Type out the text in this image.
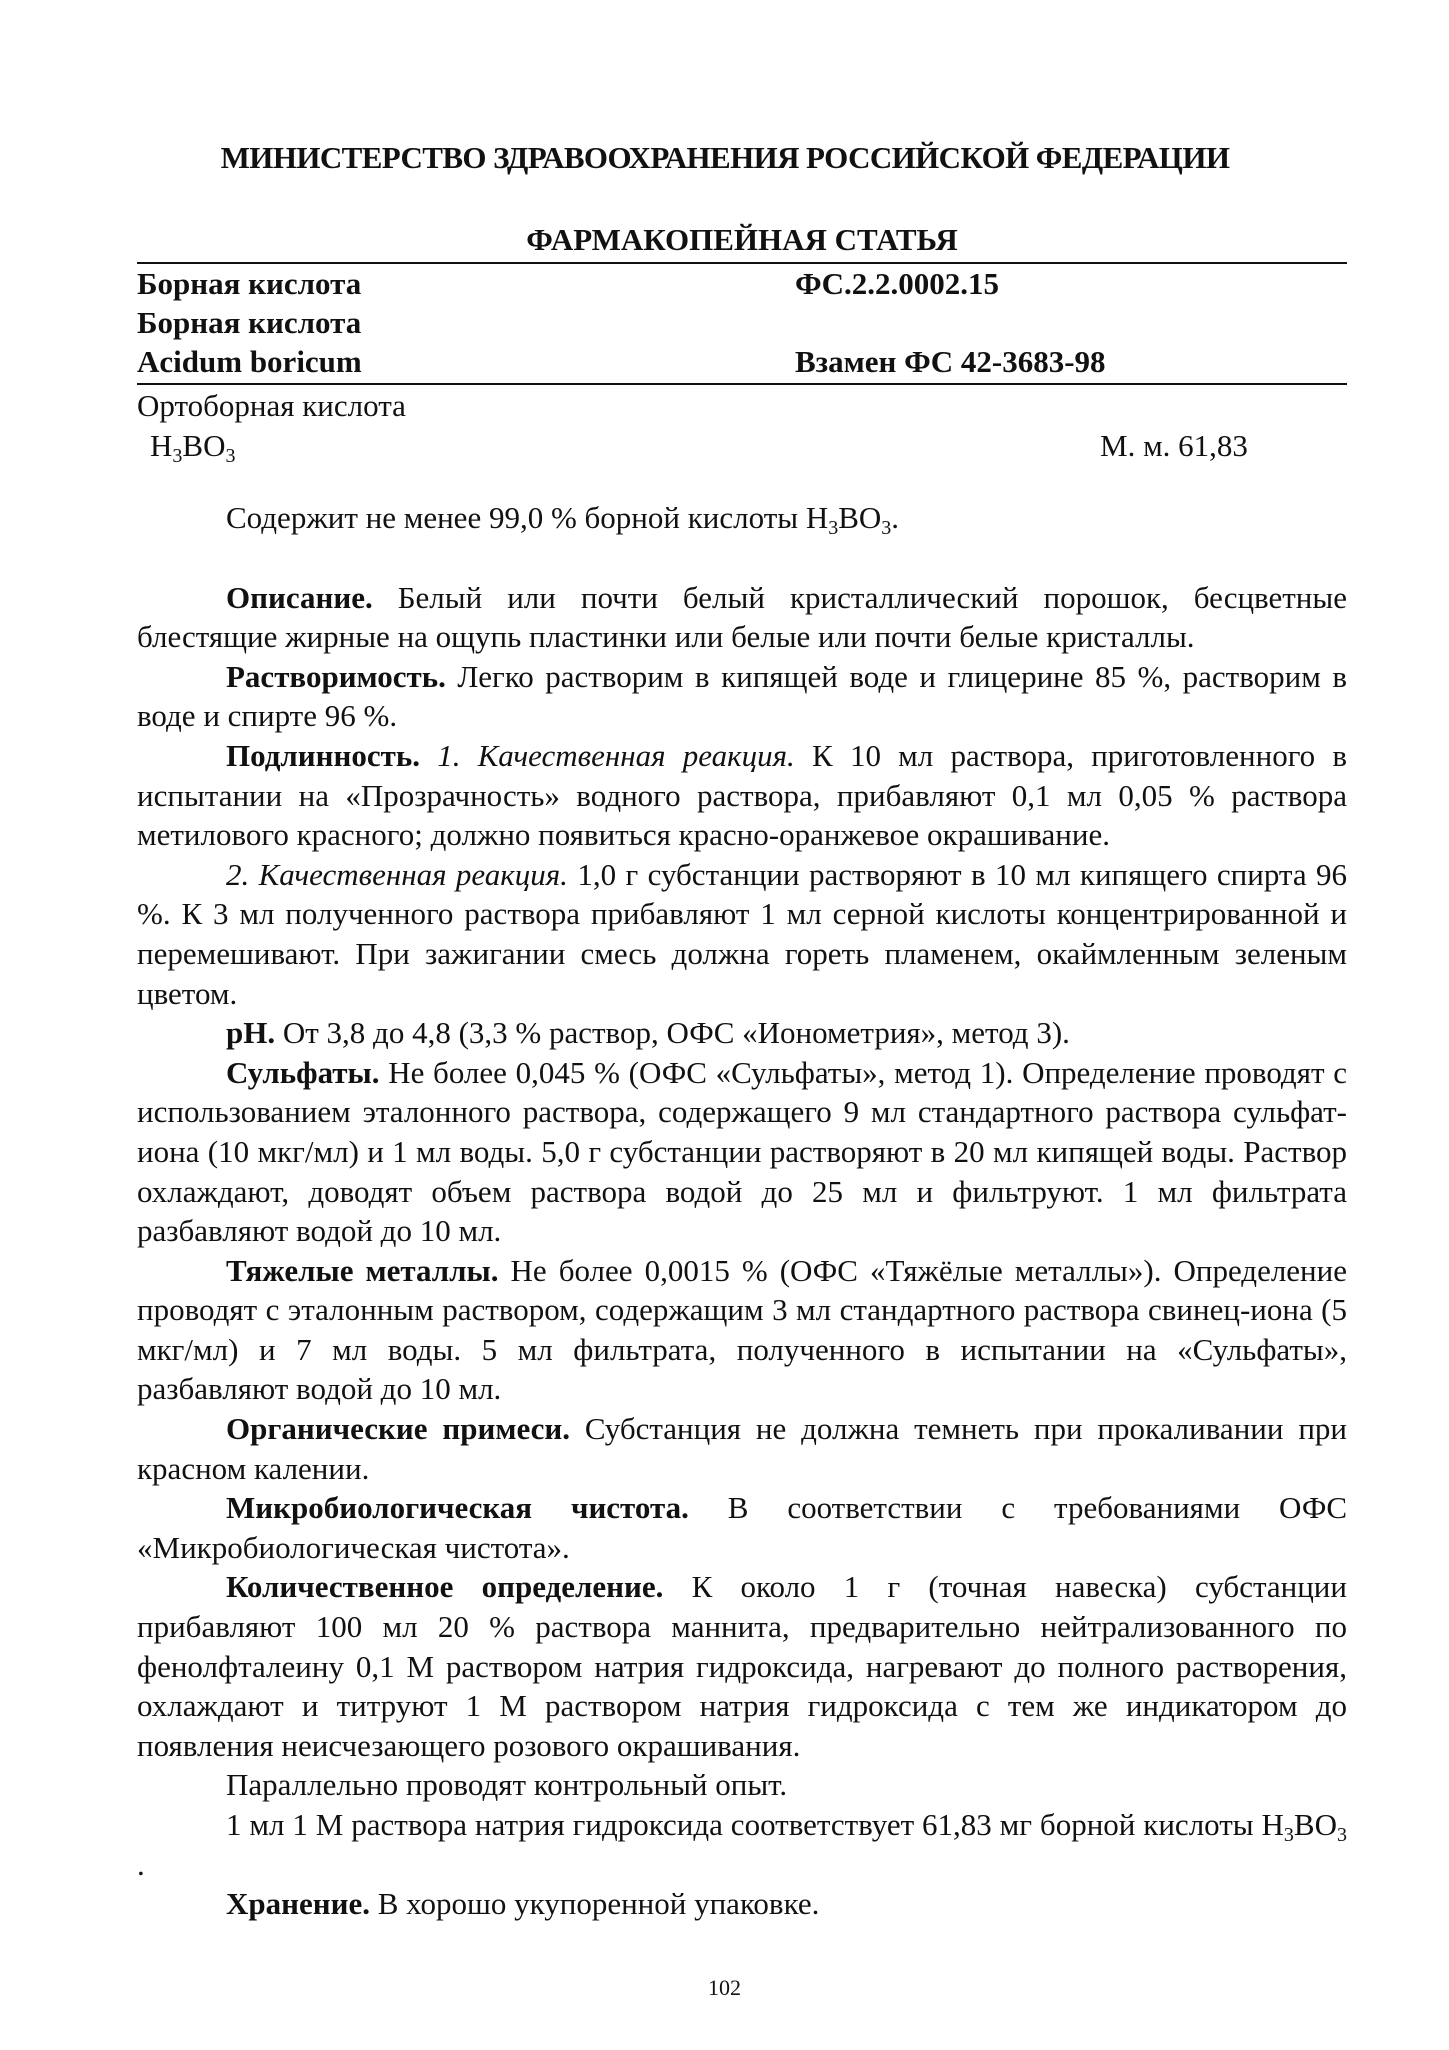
МИНИСТЕРСТВО ЗДРАВООХРАНЕНИЯ РОССИЙСКОЙ ФЕДЕРАЦИИ
ФАРМАКОПЕЙНАЯ СТАТЬЯ
Борная кислота	ФС.2.2.0002.15
Борная кислота
Acidum boricum	Взамен ФС 42-3683-98
Ортоборная кислота
$H_3BO_3$	М. м. 61,83

Содержит не менее 99,0 % борной кислоты $H_3BO_3$.

Описание. Белый или почти белый кристаллический порошок, бесцветные блестящие жирные на ощупь пластинки или белые или почти белые кристаллы.

Растворимость. Легко растворим в кипящей воде и глицерине 85 %, растворим в воде и спирте 96 %.

Подлинность. 1. Качественная реакция. К 10 мл раствора, приготовленного в испытании на «Прозрачность» водного раствора, прибавляют 0,1 мл 0,05 % раствора метилового красного; должно появиться красно-оранжевое окрашивание.

2. Качественная реакция. 1,0 г субстанции растворяют в 10 мл кипящего спирта 96 %. К 3 мл полученного раствора прибавляют 1 мл серной кислоты концентрированной и перемешивают. При зажигании смесь должна гореть пламенем, окаймленным зеленым цветом.

pH. От 3,8 до 4,8 (3,3 % раствор, ОФС «Ионометрия», метод 3).

Сульфаты. Не более 0,045 % (ОФС «Сульфаты», метод 1). Определение проводят с использованием эталонного раствора, содержащего 9 мл стандартного раствора сульфат-иона (10 мкг/мл) и 1 мл воды. 5,0 г субстанции растворяют в 20 мл кипящей воды. Раствор охлаждают, доводят объем раствора водой до 25 мл и фильтруют. 1 мл фильтрата разбавляют водой до 10 мл.

Тяжелые металлы. Не более 0,0015 % (ОФС «Тяжёлые металлы»). Определение проводят с эталонным раствором, содержащим 3 мл стандартного раствора свинец-иона (5 мкг/мл) и 7 мл воды. 5 мл фильтрата, полученного в испытании на «Сульфаты», разбавляют водой до 10 мл.

Органические примеси. Субстанция не должна темнеть при прокаливании при красном калении.

Микробиологическая чистота. В соответствии с требованиями ОФС «Микробиологическая чистота».

Количественное определение. К около 1 г (точная навеска) субстанции прибавляют 100 мл 20 % раствора маннита, предварительно нейтрализованного по фенолфталеину 0,1 М раствором натрия гидроксида, нагревают до полного растворения, охлаждают и титруют 1 М раствором натрия гидроксида с тем же индикатором до появления неисчезающего розового окрашивания.

Параллельно проводят контрольный опыт.

1 мл 1 М раствора натрия гидроксида соответствует 61,83 мг борной кислоты $H_3BO_3$ .

Хранение. В хорошо укупоренной упаковке.

102
